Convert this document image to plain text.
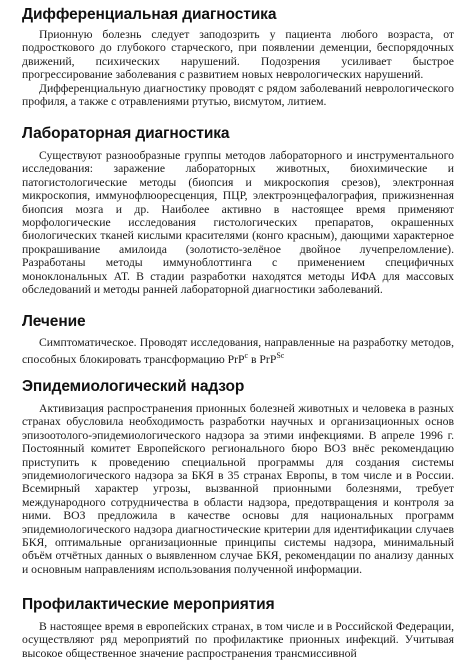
Дифференциальная диагностика

Прионную болезнь следует заподозрить у пациента любого возраста, от подросткового до глубокого старческого, при появлении деменции, беспорядочных движений, психических нарушений. Подозрения усиливает быстрое прогрессирование заболевания с развитием новых неврологических нарушений.

Дифференциальную диагностику проводят с рядом заболеваний неврологического профиля, а также с отравлениями ртутью, висмутом, литием.

Лабораторная диагностика

Существуют разнообразные группы методов лабораторного и инструментального исследования: заражение лабораторных животных, биохимические и патогистологические методы (биопсия и микроскопия срезов), электронная микроскопия, иммунофлюоресценция, ПЦР, электроэнцефалография, прижизненная биопсия мозга и др. Наиболее активно в настоящее время применяют морфологические исследования гистологических препаратов, окрашенных биологических тканей кислыми красителями (конго красным), дающими характерное прокрашивание амилоида (золотисто-зелёное двойное лучепреломление). Разработаны методы иммуноблоттинга с применением специфичных моноклональных АТ. В стадии разработки находятся методы ИФА для массовых обследований и методы ранней лабораторной диагностики заболеваний.

Лечение

Симптоматическое. Проводят исследования, направленные на разработку методов, способных блокировать трансформацию PrP$^c$ в PrP$^{Sc}$

Эпидемиологический надзор

Активизация распространения прионных болезней животных и человека в разных странах обусловила необходимость разработки научных и организационных основ эпизоотолого-эпидемиологического надзора за этими инфекциями. В апреле 1996 г. Постоянный комитет Европейского регионального бюро ВОЗ внёс рекомендацию приступить к проведению специальной программы для создания системы эпидемиологического надзора за БКЯ в 35 странах Европы, в том числе и в России. Всемирный характер угрозы, вызванной прионными болезнями, требует международного сотрудничества в области надзора, предотвращения и контроля за ними. ВОЗ предложила в качестве основы для национальных программ эпидемиологического надзора диагностические критерии для идентификации случаев БКЯ, оптимальные организационные принципы системы надзора, минимальный объём отчётных данных о выявленном случае БКЯ, рекомендации по анализу данных и основным направлениям использования полученной информации.

Профилактические мероприятия

В настоящее время в европейских странах, в том числе и в Российской Федерации, осуществляют ряд мероприятий по профилактике прионных инфекций. Учитывая высокое общественное значение распространения трансмиссивной
